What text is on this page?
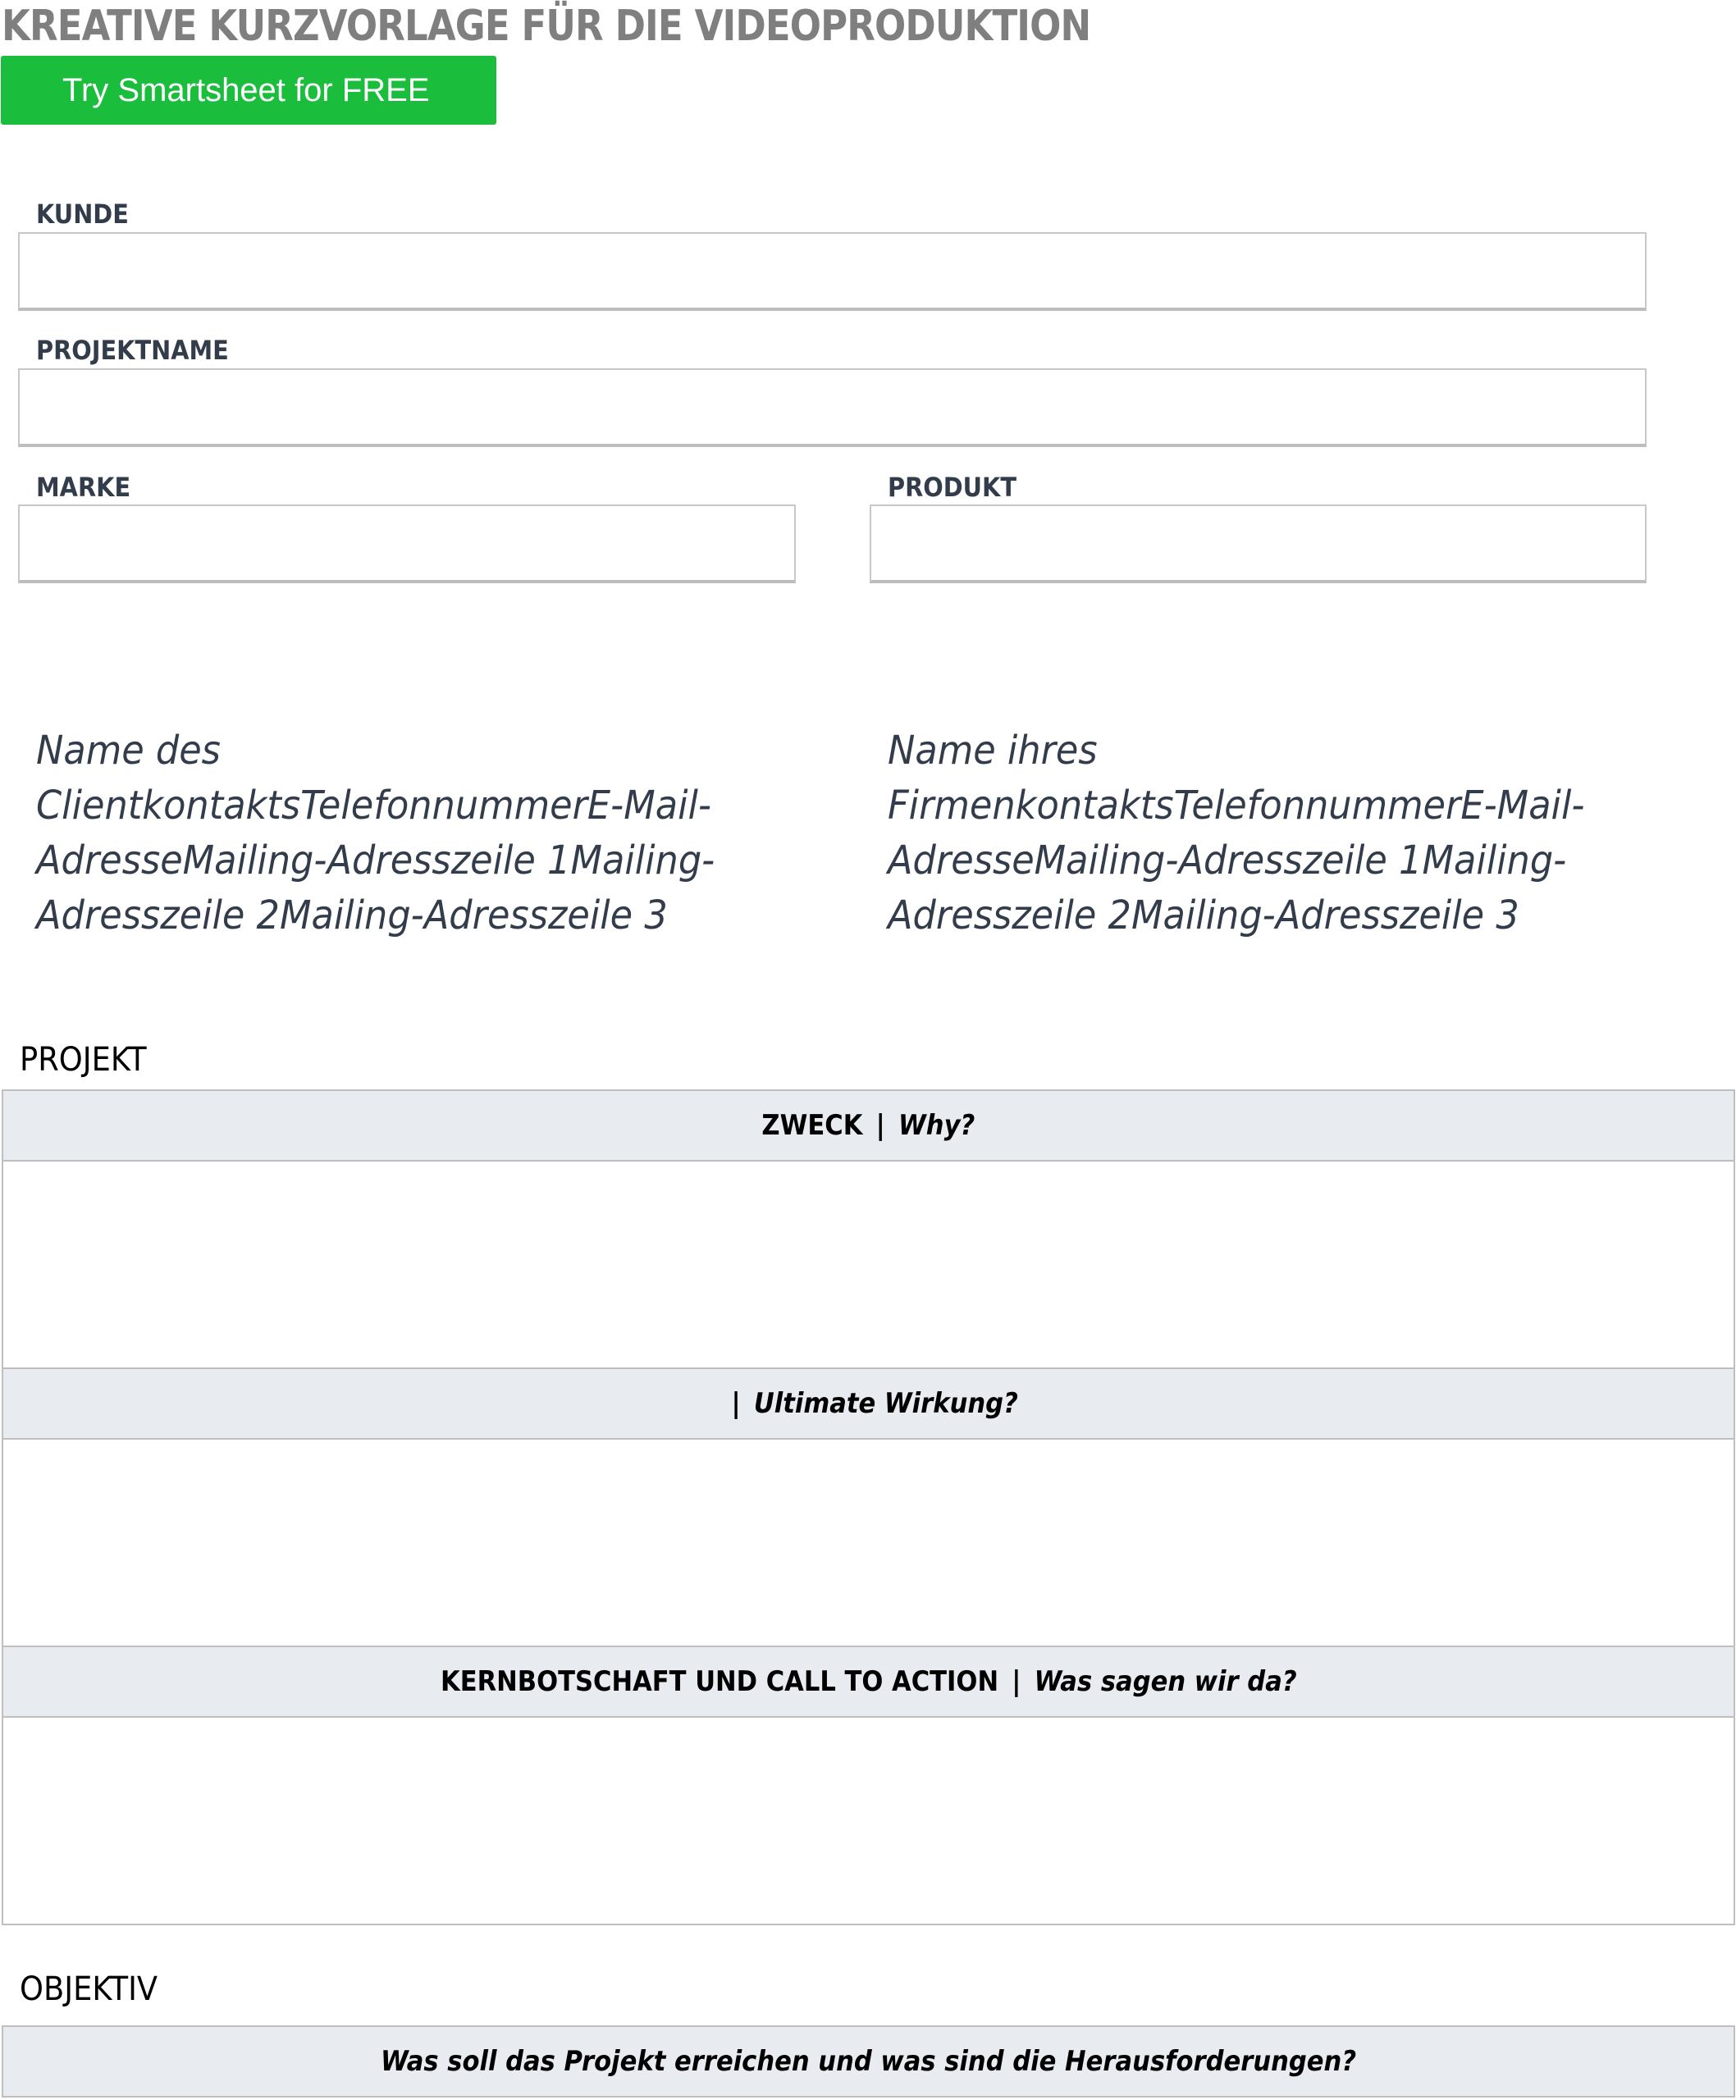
KREATIVE KURZVORLAGE FÜR DIE VIDEOPRODUKTION
Try Smartsheet for FREE
KUNDE
PROJEKTNAME
MARKE	PRODUKT
Name des ClientkontaktsTelefonnummerE-Mail-AdresseMailing-Adresszeile 1Mailing-Adresszeile 2Mailing-Adresszeile 3
Name ihres FirmenkontaktsTelefonnummerE-Mail-AdresseMailing-Adresszeile 1Mailing-Adresszeile 2Mailing-Adresszeile 3
PROJEKT
ZWECK | Why?
| Ultimate Wirkung?
KERNBOTSCHAFT UND CALL TO ACTION | Was sagen wir da?
OBJEKTIV
Was soll das Projekt erreichen und was sind die Herausforderungen?
